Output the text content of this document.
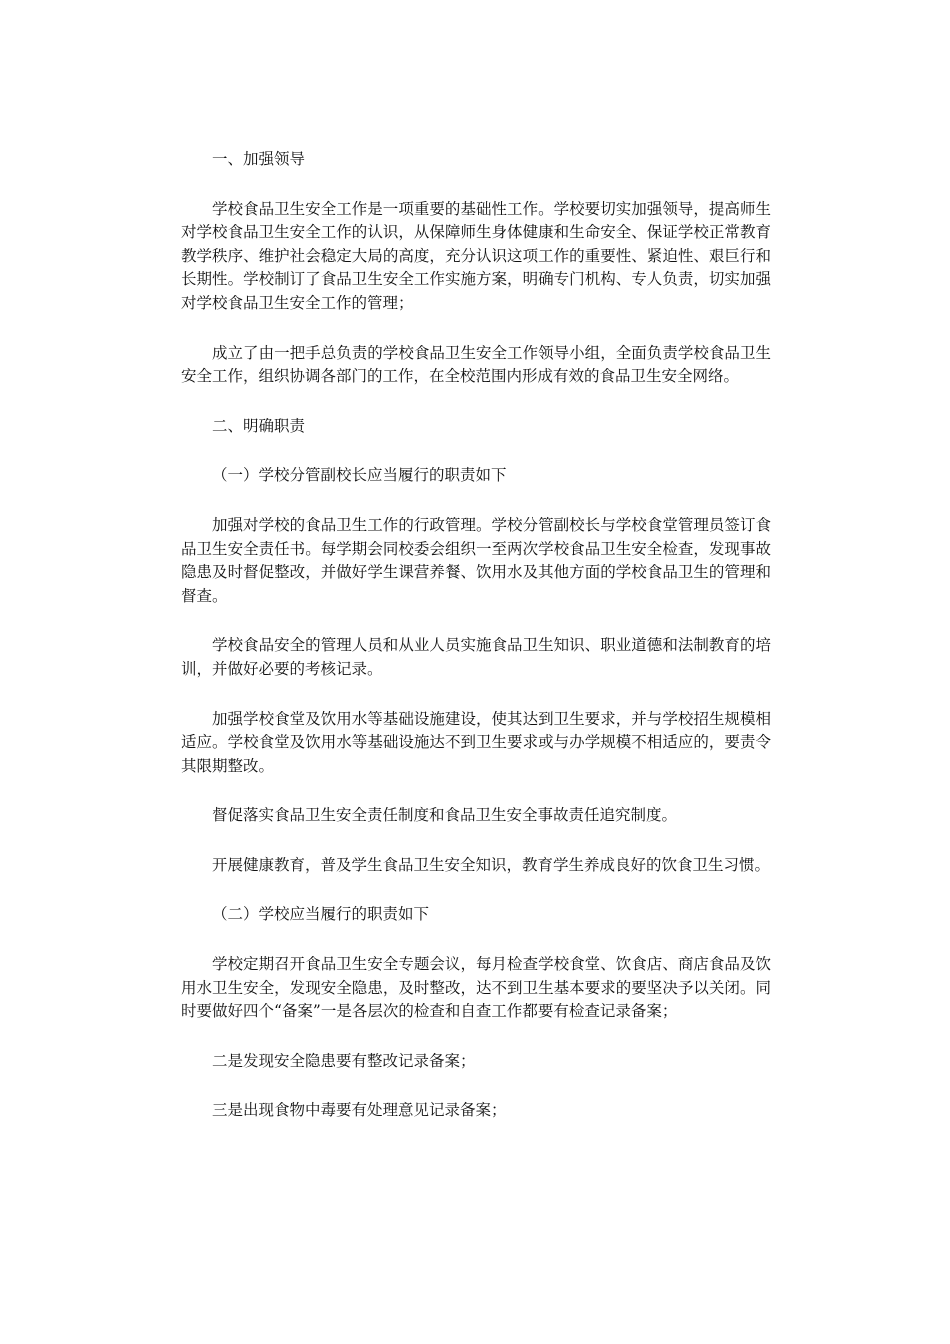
一、加强领导

学校食品卫生安全工作是一项重要的基础性工作。学校要切实加强领导，提高师生对学校食品卫生安全工作的认识，从保障师生身体健康和生命安全、保证学校正常教育教学秩序、维护社会稳定大局的高度，充分认识这项工作的重要性、紧迫性、艰巨行和长期性。学校制订了食品卫生安全工作实施方案，明确专门机构、专人负责，切实加强对学校食品卫生安全工作的管理；

成立了由一把手总负责的学校食品卫生安全工作领导小组，全面负责学校食品卫生安全工作，组织协调各部门的工作，在全校范围内形成有效的食品卫生安全网络。

二、明确职责

（一）学校分管副校长应当履行的职责如下

加强对学校的食品卫生工作的行政管理。学校分管副校长与学校食堂管理员签订食品卫生安全责任书。每学期会同校委会组织一至两次学校食品卫生安全检查，发现事故隐患及时督促整改，并做好学生课营养餐、饮用水及其他方面的学校食品卫生的管理和督查。

学校食品安全的管理人员和从业人员实施食品卫生知识、职业道德和法制教育的培训，并做好必要的考核记录。

加强学校食堂及饮用水等基础设施建设，使其达到卫生要求，并与学校招生规模相适应。学校食堂及饮用水等基础设施达不到卫生要求或与办学规模不相适应的，要责令其限期整改。

督促落实食品卫生安全责任制度和食品卫生安全事故责任追究制度。

开展健康教育，普及学生食品卫生安全知识，教育学生养成良好的饮食卫生习惯。

（二）学校应当履行的职责如下

学校定期召开食品卫生安全专题会议，每月检查学校食堂、饮食店、商店食品及饮用水卫生安全，发现安全隐患，及时整改，达不到卫生基本要求的要坚决予以关闭。同时要做好四个“备案”一是各层次的检查和自查工作都要有检查记录备案；

二是发现安全隐患要有整改记录备案；

三是出现食物中毒要有处理意见记录备案；
